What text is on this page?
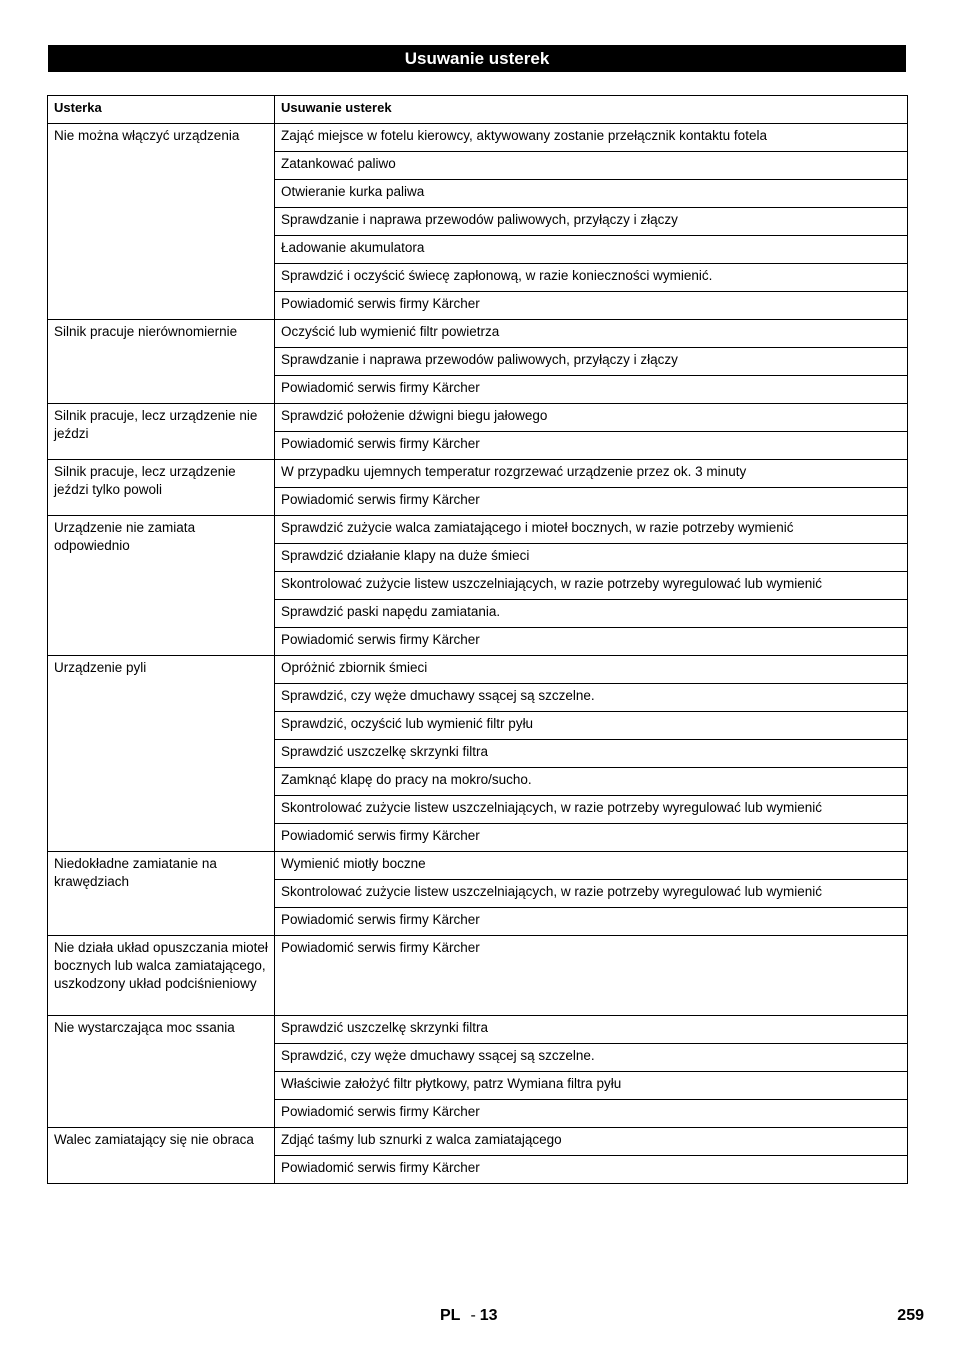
Usuwanie usterek
Usterka	Usuwanie usterek
Nie można włączyć urządzenia	Zająć miejsce w fotelu kierowcy, aktywowany zostanie przełącznik kontaktu fotela
	Zatankować paliwo
	Otwieranie kurka paliwa
	Sprawdzanie i naprawa przewodów paliwowych, przyłączy i złączy
	Ładowanie akumulatora
	Sprawdzić i oczyścić świecę zapłonową, w razie konieczności wymienić.
	Powiadomić serwis firmy Kärcher
Silnik pracuje nierównomiernie	Oczyścić lub wymienić filtr powietrza
	Sprawdzanie i naprawa przewodów paliwowych, przyłączy i złączy
	Powiadomić serwis firmy Kärcher
Silnik pracuje, lecz urządzenie nie jeździ	Sprawdzić położenie dźwigni biegu jałowego
	Powiadomić serwis firmy Kärcher
Silnik pracuje, lecz urządzenie jeździ tylko powoli	W przypadku ujemnych temperatur rozgrzewać urządzenie przez ok. 3 minuty
	Powiadomić serwis firmy Kärcher
Urządzenie nie zamiata odpowiednio	Sprawdzić zużycie walca zamiatającego i mioteł bocznych, w razie potrzeby wymienić
	Sprawdzić działanie klapy na duże śmieci
	Skontrolować zużycie listew uszczelniających, w razie potrzeby wyregulować lub wymienić
	Sprawdzić paski napędu zamiatania.
	Powiadomić serwis firmy Kärcher
Urządzenie pyli	Opróżnić zbiornik śmieci
	Sprawdzić, czy węże dmuchawy ssącej są szczelne.
	Sprawdzić, oczyścić lub wymienić filtr pyłu
	Sprawdzić uszczelkę skrzynki filtra
	Zamknąć klapę do pracy na mokro/sucho.
	Skontrolować zużycie listew uszczelniających, w razie potrzeby wyregulować lub wymienić
	Powiadomić serwis firmy Kärcher
Niedokładne zamiatanie na krawędziach	Wymienić miotły boczne
	Skontrolować zużycie listew uszczelniających, w razie potrzeby wyregulować lub wymienić
	Powiadomić serwis firmy Kärcher
Nie działa układ opuszczania mioteł bocznych lub walca zamiatającego, uszkodzony układ podciśnieniowy	Powiadomić serwis firmy Kärcher
Nie wystarczająca moc ssania	Sprawdzić uszczelkę skrzynki filtra
	Sprawdzić, czy węże dmuchawy ssącej są szczelne.
	Właściwie założyć filtr płytkowy, patrz Wymiana filtra pyłu
	Powiadomić serwis firmy Kärcher
Walec zamiatający się nie obraca	Zdjąć taśmy lub sznurki z walca zamiatającego
	Powiadomić serwis firmy Kärcher
PL - 13	259
